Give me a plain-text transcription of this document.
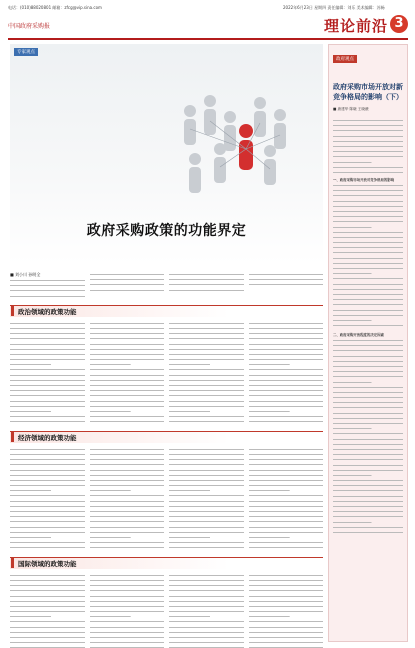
电话：(010)88020801 邮箱：zfcg@vip.sina.com	2022年6月23日 星期四 责任编辑：刘乐 美术编辑：苏畅
中国政府采购报	理论前沿 3
专家观点
政府采购政策的功能界定
■ 刘小川 孙明全
政治领域的政策功能
经济领域的政策功能
国际领域的政策功能
政府观点
政府采购市场开放对新竞争格局的影响（下）
■ 唐建华 陈晓 王晓薇
一、政府采购市场开放对竞争格局的影响
二、政府采购开放程度的决定因素
